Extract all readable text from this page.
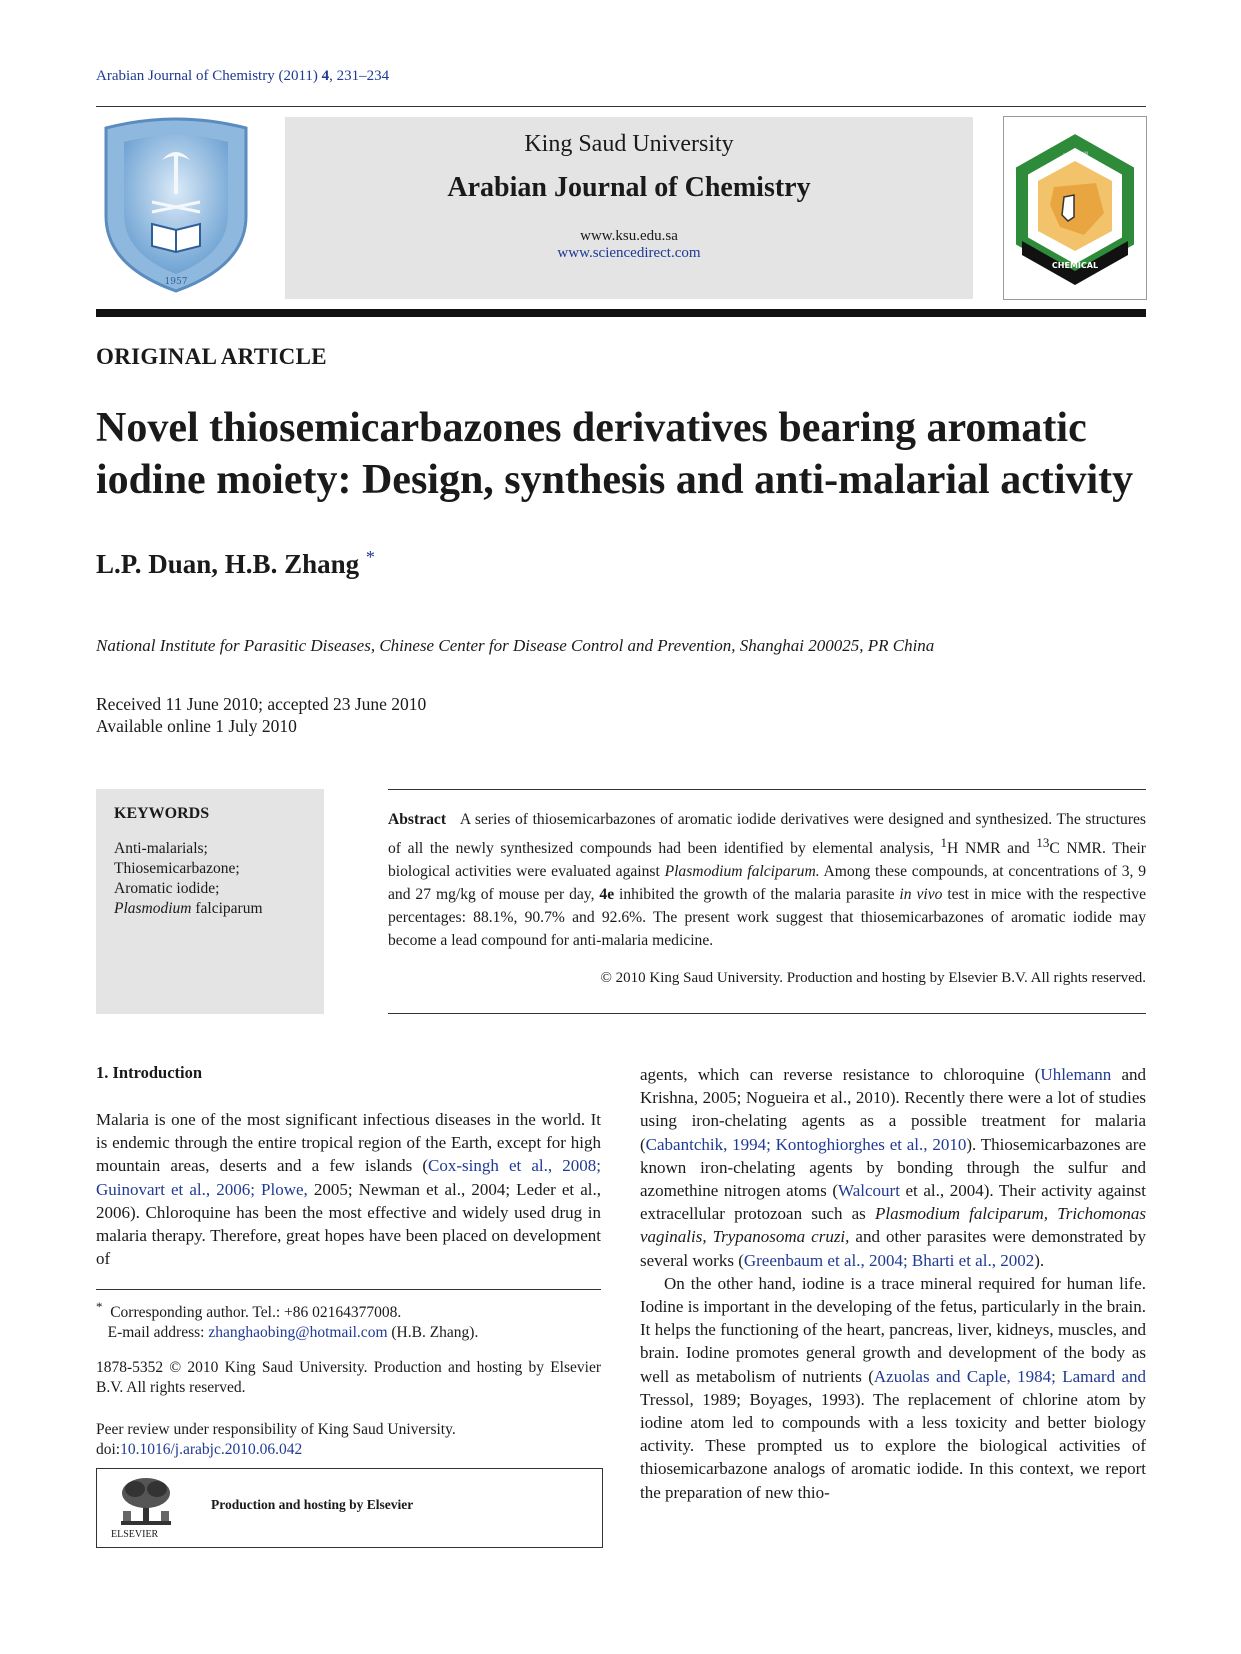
Arabian Journal of Chemistry (2011) 4, 231–234
1957
King Saud University
Arabian Journal of Chemistry
www.ksu.edu.sa
www.sciencedirect.com
CHEMICAL
الكيميائية
ORIGINAL ARTICLE
Novel thiosemicarbazones derivatives bearing aromatic iodine moiety: Design, synthesis and anti-malarial activity
L.P. Duan, H.B. Zhang *
National Institute for Parasitic Diseases, Chinese Center for Disease Control and Prevention, Shanghai 200025, PR China
Received 11 June 2010; accepted 23 June 2010
Available online 1 July 2010
KEYWORDS
Anti-malarials;
Thiosemicarbazone;
Aromatic iodide;
Plasmodium falciparum
Abstract A series of thiosemicarbazones of aromatic iodide derivatives were designed and synthesized. The structures of all the newly synthesized compounds had been identified by elemental analysis, $^1$H NMR and $^{13}$C NMR. Their biological activities were evaluated against Plasmodium falciparum. Among these compounds, at concentrations of 3, 9 and 27 mg/kg of mouse per day, 4e inhibited the growth of the malaria parasite in vivo test in mice with the respective percentages: 88.1%, 90.7% and 92.6%. The present work suggest that thiosemicarbazones of aromatic iodide may become a lead compound for anti-malaria medicine.
© 2010 King Saud University. Production and hosting by Elsevier B.V. All rights reserved.
1. Introduction
Malaria is one of the most significant infectious diseases in the world. It is endemic through the entire tropical region of the Earth, except for high mountain areas, deserts and a few islands (Cox-singh et al., 2008; Guinovart et al., 2006; Plowe, 2005; Newman et al., 2004; Leder et al., 2006). Chloroquine has been the most effective and widely used drug in malaria therapy. Therefore, great hopes have been placed on development of
* Corresponding author. Tel.: +86 02164377008.
E-mail address: zhanghaobing@hotmail.com (H.B. Zhang).
1878-5352 © 2010 King Saud University. Production and hosting by Elsevier B.V. All rights reserved.
Peer review under responsibility of King Saud University.
doi:10.1016/j.arabjc.2010.06.042
ELSEVIER
Production and hosting by Elsevier

agents, which can reverse resistance to chloroquine (Uhlemann and Krishna, 2005; Nogueira et al., 2010). Recently there were a lot of studies using iron-chelating agents as a possible treatment for malaria (Cabantchik, 1994; Kontoghiorghes et al., 2010). Thiosemicarbazones are known iron-chelating agents by bonding through the sulfur and azomethine nitrogen atoms (Walcourt et al., 2004). Their activity against extracellular protozoan such as Plasmodium falciparum, Trichomonas vaginalis, Trypanosoma cruzi, and other parasites were demonstrated by several works (Greenbaum et al., 2004; Bharti et al., 2002).

On the other hand, iodine is a trace mineral required for human life. Iodine is important in the developing of the fetus, particularly in the brain. It helps the functioning of the heart, pancreas, liver, kidneys, muscles, and brain. Iodine promotes general growth and development of the body as well as metabolism of nutrients (Azuolas and Caple, 1984; Lamard and Tressol, 1989; Boyages, 1993). The replacement of chlorine atom by iodine atom led to compounds with a less toxicity and better biology activity. These prompted us to explore the biological activities of thiosemicarbazone analogs of aromatic iodide. In this context, we report the preparation of new thio-
